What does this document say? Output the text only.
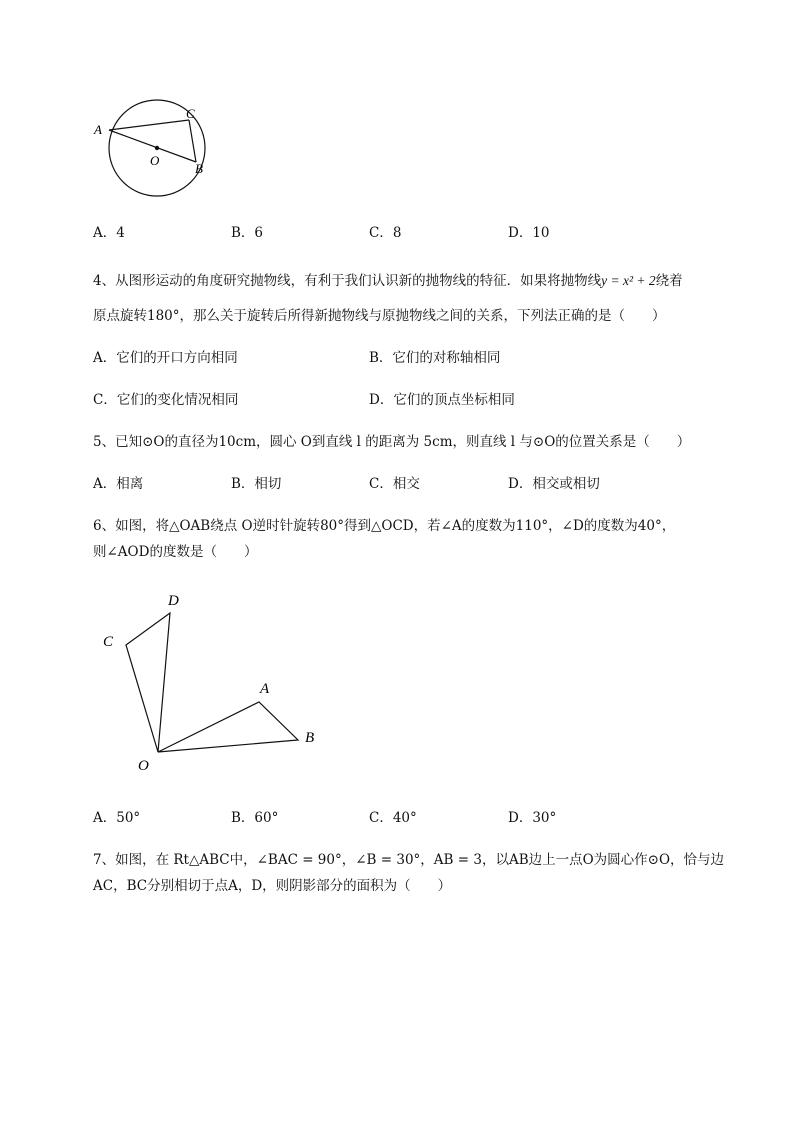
A
C
O
B
A．4	B．6	C．8	D．10
4、从图形运动的角度研究抛物线，有利于我们认识新的抛物线的特征．如果将抛物线y = x² + 2绕着
原点旋转180°，那么关于旋转后所得新抛物线与原抛物线之间的关系，下列法正确的是（　　）
A．它们的开口方向相同	B．它们的对称轴相同
C．它们的变化情况相同	D．它们的顶点坐标相同
5、已知⊙O的直径为10cm，圆心 O到直线 l 的距离为 5cm，则直线 l 与⊙O的位置关系是（　　）
A．相离	B．相切	C．相交	D．相交或相切
6、如图，将△OAB绕点 O逆时针旋转80°得到△OCD，若∠A的度数为110°，∠D的度数为40°，
则∠AOD的度数是（　　）
D
C
A
B
O
A．50°	B．60°	C．40°	D．30°
7、如图，在 Rt△ABC中，∠BAC = 90°，∠B = 30°，AB = 3，以AB边上一点O为圆心作⊙O，恰与边
AC，BC分别相切于点A，D，则阴影部分的面积为（　　）
